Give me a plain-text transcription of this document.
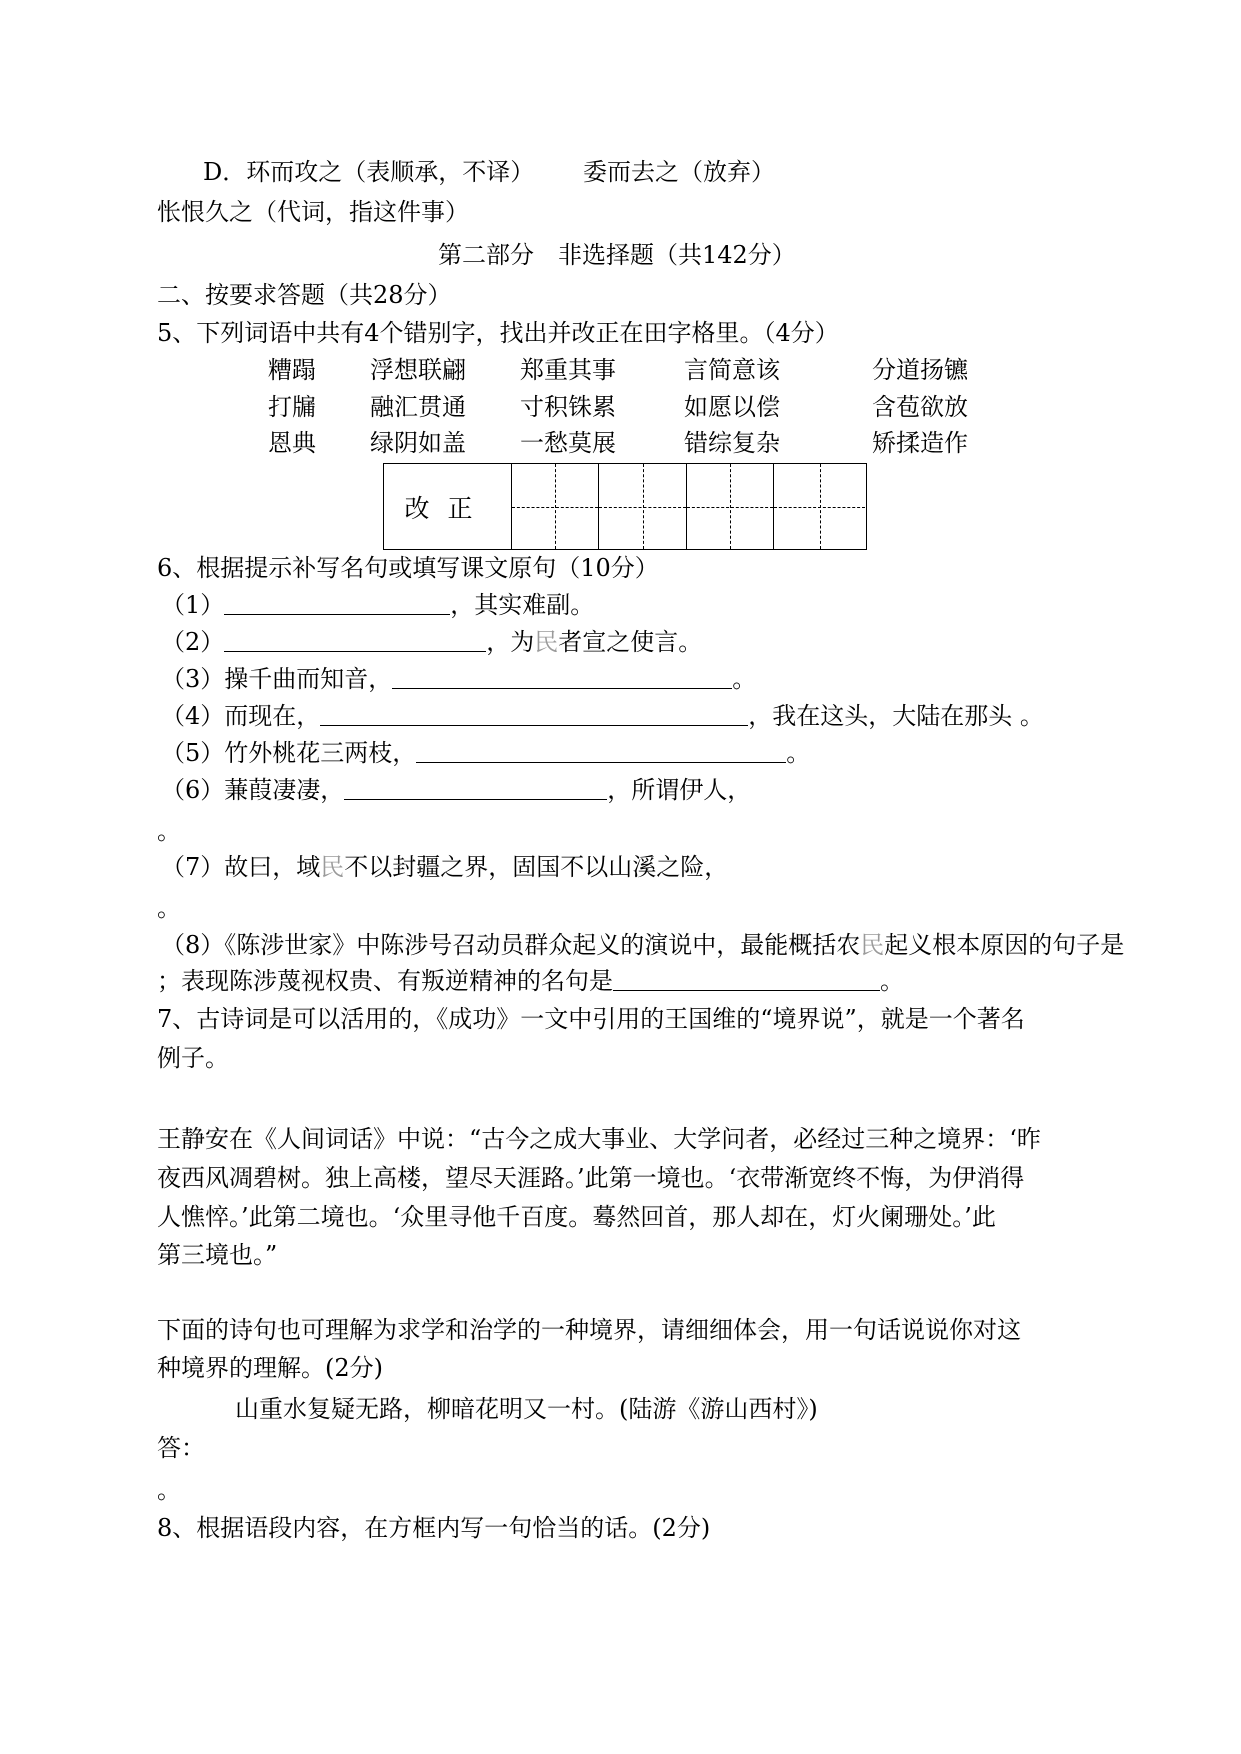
D．环而攻之（表顺承，不译） 委而去之（放弃）
怅恨久之（代词，指这件事）
第二部分　非选择题（共142分）
二、按要求答题（共28分）
5、下列词语中共有4个错别字，找出并改正在田字格里。（4分）
糟蹋 浮想联翩 郑重其事	言简意该	分道扬镳
打牖 融汇贯通 寸积铢累	如愿以偿	含苞欲放
恩典 绿阴如盖 一愁莫展	错综复杂	矫揉造作
改正
6、根据提示补写名句或填写课文原句（10分）
（1）	，其实难副。
（2）	，为民者宣之使言。
（3）操千曲而知音，	。
（4）而现在，	，我在这头，大陆在那头 。
（5）竹外桃花三两枝，	。
（6）蒹葭凄凄，	，所谓伊人，
。
（7）故曰，域民不以封疆之界，固国不以山溪之险，
。
（8）《陈涉世家》中陈涉号召动员群众起义的演说中，最能概括农民起义根本原因的句子是
；表现陈涉蔑视权贵、有叛逆精神的名句是	。
7、古诗词是可以活用的，《成功》一文中引用的王国维的“境界说”，就是一个著名
例子。
王静安在《人间词话》中说：“古今之成大事业、大学问者，必经过三种之境界：‘昨
夜西风凋碧树。独上高楼，望尽天涯路。’此第一境也。‘衣带渐宽终不悔，为伊消得
人憔悴。’此第二境也。‘众里寻他千百度。蓦然回首，那人却在，灯火阑珊处。’此
第三境也。”
下面的诗句也可理解为求学和治学的一种境界，请细细体会，用一句话说说你对这
种境界的理解。(2分)
山重水复疑无路，柳暗花明又一村。(陆游《游山西村》)
答：
。
8、根据语段内容，在方框内写一句恰当的话。(2分)
